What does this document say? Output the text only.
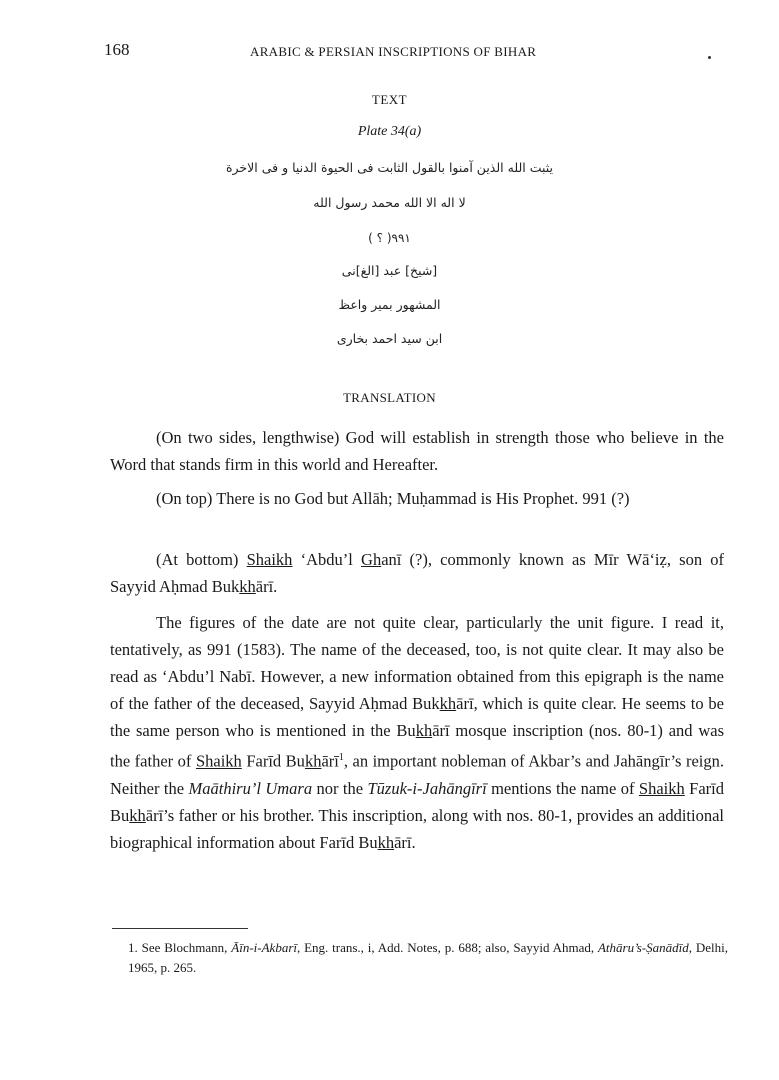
168	ARABIC & PERSIAN INSCRIPTIONS OF BIHAR
TEXT
Plate 34(a)
يثبت الله الذين آمنوا بالقول الثابت فی الحيوة الدنيا و فی الاخرة
لا اله الا الله محمد رسول الله
۹۹۱( ؟ )
[شيخ] عبد [الغ]نی
المشهور بمير واعظ
ابن سيد احمد بخاری
TRANSLATION

(On two sides, lengthwise) God will establish in strength those who believe in the Word that stands firm in this world and Hereafter.

(On top) There is no God but Allāh; Muḥammad is His Prophet. 991 (?)

(At bottom) Shaikh ‘Abdu’l Ghanī (?), commonly known as Mīr Wā‘iẓ, son of Sayyid Aḥmad Bukkhārī.

The figures of the date are not quite clear, particularly the unit figure. I read it, tentatively, as 991 (1583). The name of the deceased, too, is not quite clear. It may also be read as ‘Abdu’l Nabī. However, a new information obtained from this epigraph is the name of the father of the deceased, Sayyid Aḥmad Bukkhārī, which is quite clear. He seems to be the same person who is mentioned in the Bukhārī mosque inscription (nos. 80-1) and was the father of Shaikh Farīd Bukhārī$^1$, an important nobleman of Akbar’s and Jahāngīr’s reign. Neither the Maāthiru’l Umara nor the Tūzuk-i-Jahāngīrī mentions the name of Shaikh Farīd Bukhārī’s father or his brother. This inscription, along with nos. 80-1, provides an additional biographical information about Farīd Bukhārī.

1. See Blochmann, Āīn-i-Akbarī, Eng. trans., i, Add. Notes, p. 688; also, Sayyid Ahmad, Athāru’s-Ṣanādīd, Delhi, 1965, p. 265.
